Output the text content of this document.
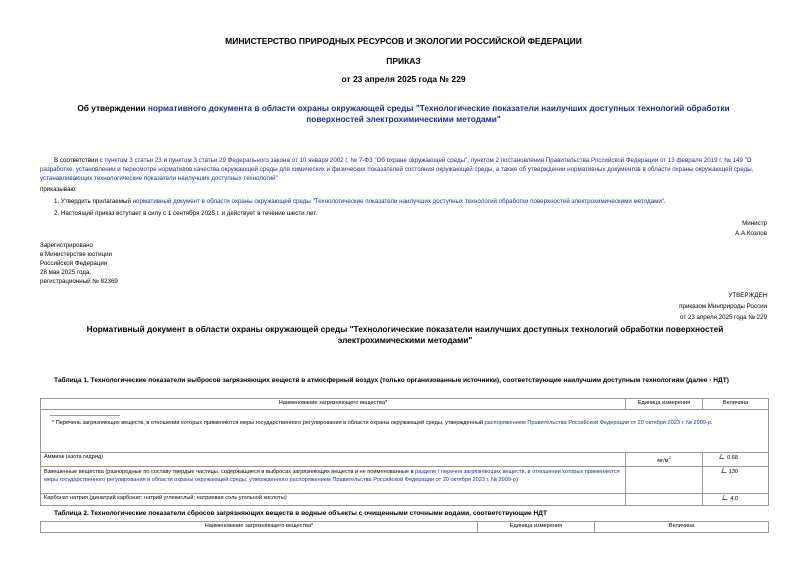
МИНИСТЕРСТВО ПРИРОДНЫХ РЕСУРСОВ И ЭКОЛОГИИ РОССИЙСКОЙ ФЕДЕРАЦИИ
ПРИКАЗ
от 23 апреля 2025 года № 229
Об утверждении нормативного документа в области охраны окружающей среды "Технологические показатели наилучших доступных технологий обработки поверхностей электрохимическими методами"
В соответствии с пунктом 3 статьи 23 и пунктом 3 статьи 29 Федерального закона от 10 января 2002 г. № 7-ФЗ "Об охране окружающей среды", пунктом 2 постановления Правительства Российской Федерации от 13 февраля 2019 г. № 149 "О разработке, установлении и пересмотре нормативов качества окружающей среды для химических и физических показателей состояния окружающей среды, а также об утверждении нормативных документов в области охраны окружающей среды, устанавливающих технологические показатели наилучших доступных технологий"
приказываю:
1. Утвердить прилагаемый нормативный документ в области охраны окружающей среды "Технологические показатели наилучших доступных технологий обработки поверхностей электрохимическими методами".
2. Настоящий приказ вступает в силу с 1 сентября 2025 г. и действует в течение шести лет.
Министр
А.А.Козлов
Зарегистрировано
в Министерстве юстиции
Российской Федерации
28 мая 2025 года,
регистрационный № 82369
УТВЕРЖДЕН
приказом Минприроды России
от 23 апреля 2025 года № 229
Нормативный документ в области охраны окружающей среды "Технологические показатели наилучших доступных технологий обработки поверхностей электрохимическими методами"
Таблица 1. Технологические показатели выбросов загрязняющих веществ в атмосферный воздух (только организованные источники), соответствующие наилучшим доступным технологиям (далее - НДТ)
Наименование загрязняющего вещества*	Единица измерения	Величина

* Перечень загрязняющих веществ, в отношении которых применяются меры государственного регулирования в области охраны окружающей среды, утвержденный распоряжением Правительства Российской Федерации от 20 октября 2023 г. № 2909-р.		

Аммиак (азота гидрид)	$мг/м^3$	0,68
Взвешенные вещества (разнородные по составу твердые частицы, содержащиеся в выбросах загрязняющих веществ и не поименованные в разделе I перечня загрязняющих веществ, в отношении которых применяются меры государственного регулирования в области охраны окружающей среды, утвержденного распоряжением Правительства Российской Федерации от 20 октября 2023 г. № 2909-р)		130
Карбонат натрия (динатрий карбонат; натрий углекислый; натриевая соль угольной кислоты)		4,0
Таблица 2. Технологические показатели сбросов загрязняющих веществ в водные объекты с очищенными сточными водами, соответствующие НДТ
Наименование загрязняющего вещества*	Единица измерения	Величина
